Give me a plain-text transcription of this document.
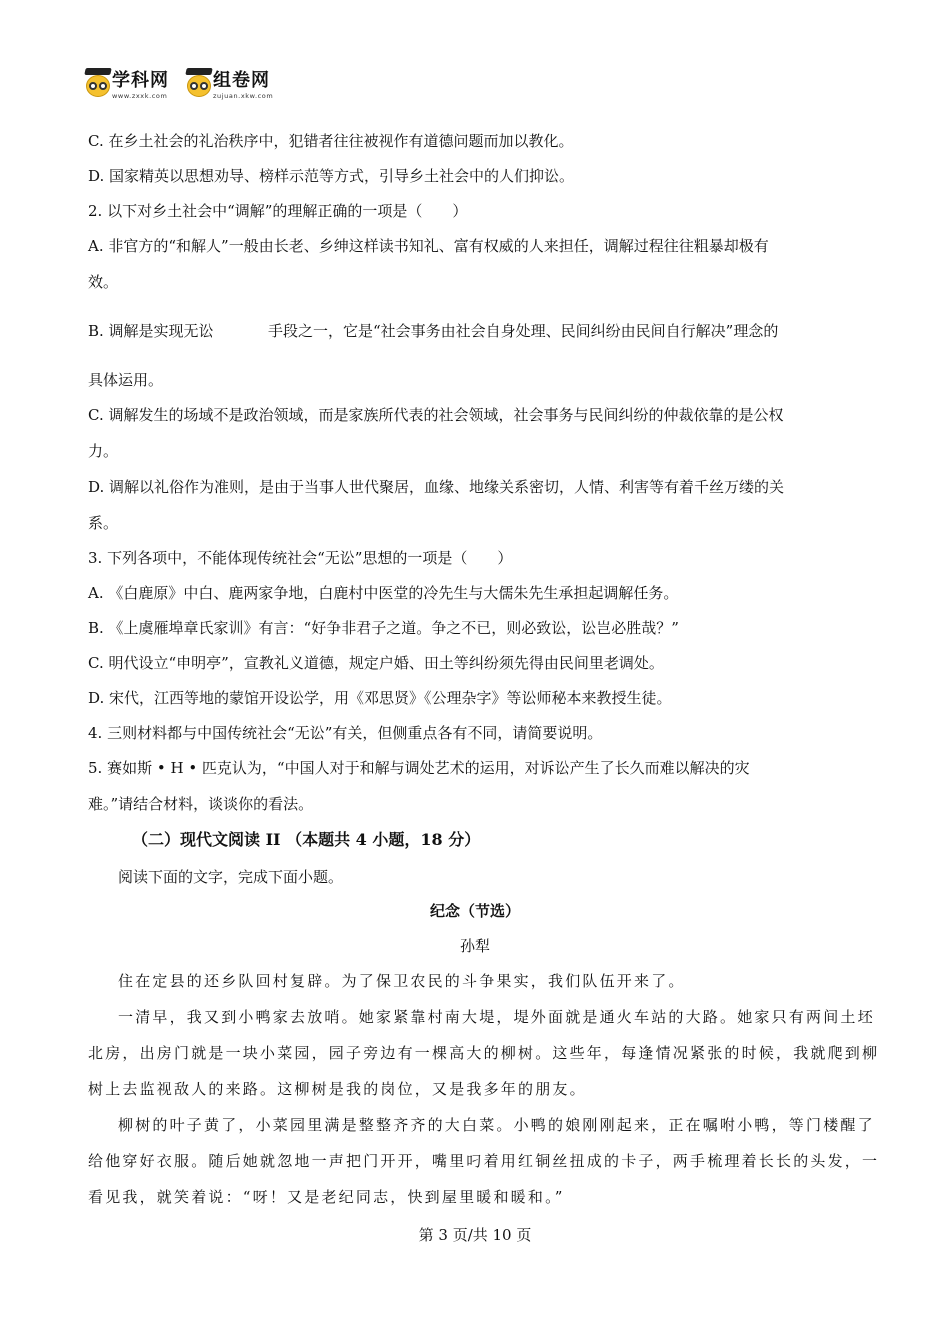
学科网
www.zxxk.com
组卷网
zujuan.xkw.com
C. 在乡土社会的礼治秩序中，犯错者往往被视作有道德问题而加以教化。
D. 国家精英以思想劝导、榜样示范等方式，引导乡土社会中的人们抑讼。
2. 以下对乡土社会中“调解”的理解正确的一项是（　　）
A. 非官方的“和解人”一般由长老、乡绅这样读书知礼、富有权威的人来担任，调解过程往往粗暴却极有
效。
B. 调解是实现无讼	手段之一，它是“社会事务由社会自身处理、民间纠纷由民间自行解决”理念的
具体运用。
C. 调解发生的场域不是政治领域，而是家族所代表的社会领域，社会事务与民间纠纷的仲裁依靠的是公权
力。
D. 调解以礼俗作为准则，是由于当事人世代聚居，血缘、地缘关系密切，人情、利害等有着千丝万缕的关
系。
3. 下列各项中，不能体现传统社会“无讼”思想的一项是（　　）
A. 《白鹿原》中白、鹿两家争地，白鹿村中医堂的冷先生与大儒朱先生承担起调解任务。
B. 《上虞雁埠章氏家训》有言：“好争非君子之道。争之不已，则必致讼，讼岂必胜哉？”
C. 明代设立“申明亭”，宣教礼义道德，规定户婚、田土等纠纷须先得由民间里老调处。
D. 宋代，江西等地的蒙馆开设讼学，用《邓思贤》《公理杂字》等讼师秘本来教授生徒。
4. 三则材料都与中国传统社会“无讼”有关，但侧重点各有不同，请简要说明。
5. 赛如斯 • H • 匹克认为，“中国人对于和解与调处艺术的运用，对诉讼产生了长久而难以解决的灾
难。”请结合材料，谈谈你的看法。
（二）现代文阅读 II （本题共 4 小题，18 分）
阅读下面的文字，完成下面小题。
纪念（节选）
孙犁
住在定县的还乡队回村复辟。为了保卫农民的斗争果实，我们队伍开来了。
一清早，我又到小鸭家去放哨。她家紧靠村南大堤，堤外面就是通火车站的大路。她家只有两间土坯
北房，出房门就是一块小菜园，园子旁边有一棵高大的柳树。这些年，每逢情况紧张的时候，我就爬到柳
树上去监视敌人的来路。这柳树是我的岗位，又是我多年的朋友。
柳树的叶子黄了，小菜园里满是整整齐齐的大白菜。小鸭的娘刚刚起来，正在嘱咐小鸭，等门楼醒了
给他穿好衣服。随后她就忽地一声把门开开，嘴里叼着用红铜丝扭成的卡子，两手梳理着长长的头发，一
看见我，就笑着说：“呀！又是老纪同志，快到屋里暖和暖和。”
第 3 页/共 10 页
